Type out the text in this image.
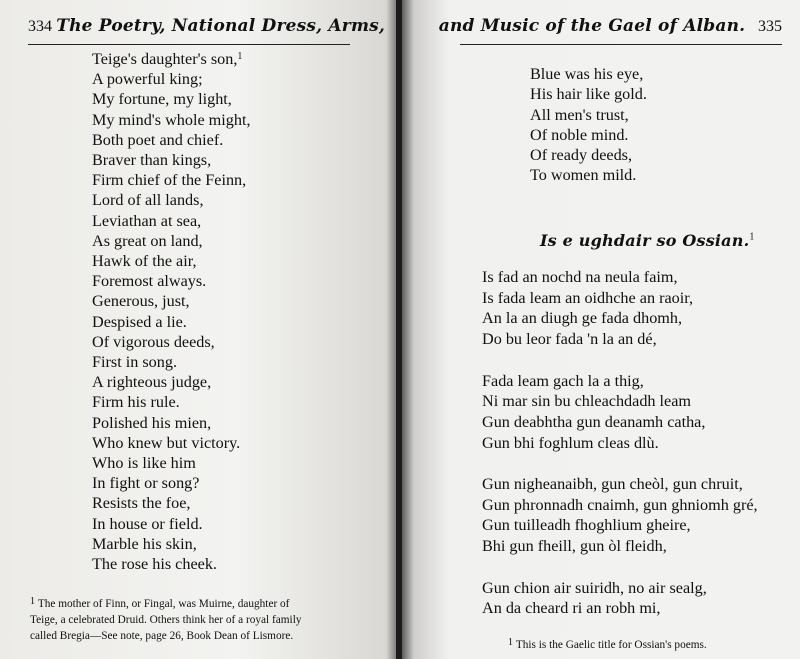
334 The Poetry, National Dress, Arms,
Teige's daughter's son,$^1$
A powerful king;
My fortune, my light,
My mind's whole might,
Both poet and chief.
Braver than kings,
Firm chief of the Feinn,
Lord of all lands,
Leviathan at sea,
As great on land,
Hawk of the air,
Foremost always.
Generous, just,
Despised a lie.
Of vigorous deeds,
First in song.
A righteous judge,
Firm his rule.
Polished his mien,
Who knew but victory.
Who is like him
In fight or song?
Resists the foe,
In house or field.
Marble his skin,
The rose his cheek.
$^1$ The mother of Finn, or Fingal, was Muirne, daughter of
Teige, a celebrated Druid. Others think her of a royal family
called Bregia—See note, page 26, Book Dean of Lismore.
and Music of the Gael of Alban. 335
Blue was his eye,
His hair like gold.
All men's trust,
Of noble mind.
Of ready deeds,
To women mild.
Is e ughdair so Ossian.$^1$
Is fad an nochd na neula faim,
Is fada leam an oidhche an raoir,
An la an diugh ge fada dhomh,
Do bu leor fada 'n la an dé,
Fada leam gach la a thig,
Ni mar sin bu chleachdadh leam
Gun deabhtha gun deanamh catha,
Gun bhi foghlum cleas dlù.
Gun nigheanaibh, gun cheòl, gun chruit,
Gun phronnadh cnaimh, gun ghniomh gré,
Gun tuilleadh fhoghlium gheire,
Bhi gun fheill, gun òl fleidh,
Gun chion air suiridh, no air sealg,
An da cheard ri an robh mi,
$^1$ This is the Gaelic title for Ossian's poems.
